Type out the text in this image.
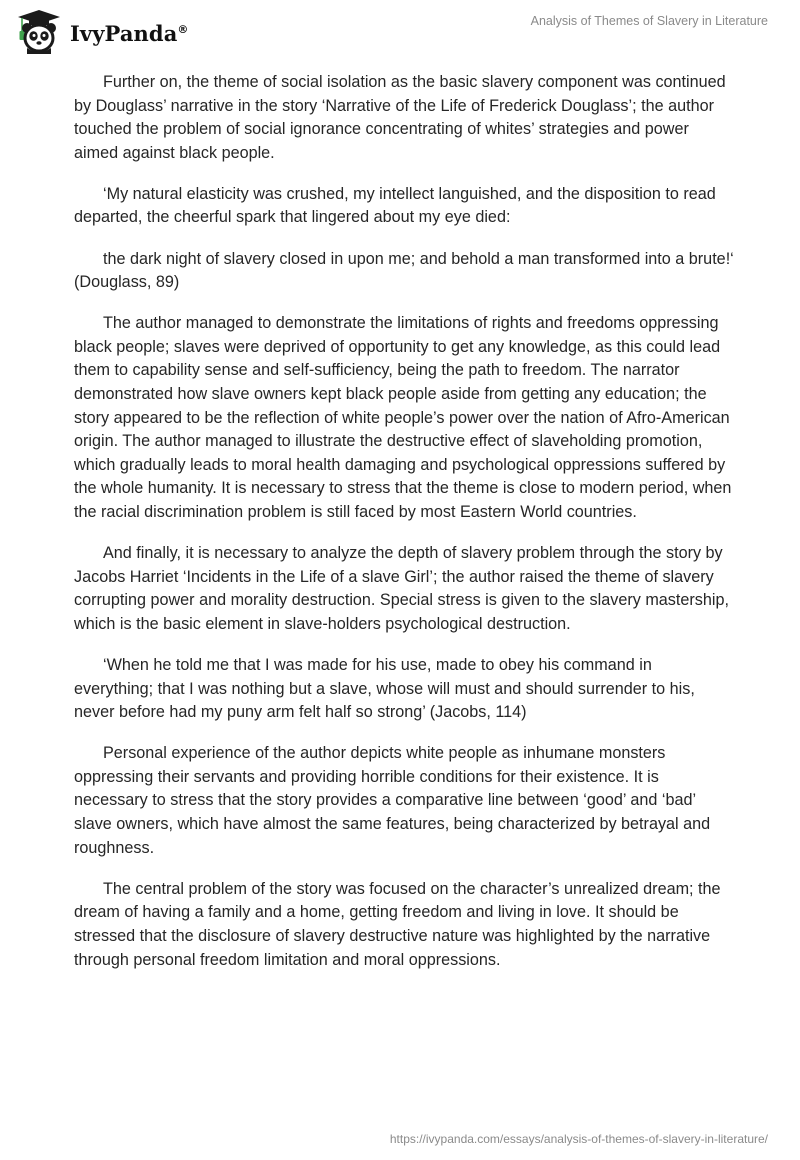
IvyPanda®
Analysis of Themes of Slavery in Literature

Further on, the theme of social isolation as the basic slavery component was continued by Douglass’ narrative in the story ‘Narrative of the Life of Frederick Douglass’; the author touched the problem of social ignorance concentrating of whites’ strategies and power aimed against black people.

‘My natural elasticity was crushed, my intellect languished, and the disposition to read departed, the cheerful spark that lingered about my eye died:

the dark night of slavery closed in upon me; and behold a man transformed into a brute!‘ (Douglass, 89)

The author managed to demonstrate the limitations of rights and freedoms oppressing black people; slaves were deprived of opportunity to get any knowledge, as this could lead them to capability sense and self-sufficiency, being the path to freedom. The narrator demonstrated how slave owners kept black people aside from getting any education; the story appeared to be the reflection of white people’s power over the nation of Afro-American origin. The author managed to illustrate the destructive effect of slaveholding promotion, which gradually leads to moral health damaging and psychological oppressions suffered by the whole humanity. It is necessary to stress that the theme is close to modern period, when the racial discrimination problem is still faced by most Eastern World countries.

And finally, it is necessary to analyze the depth of slavery problem through the story by Jacobs Harriet ‘Incidents in the Life of a slave Girl’; the author raised the theme of slavery corrupting power and morality destruction. Special stress is given to the slavery mastership, which is the basic element in slave-holders psychological destruction.

‘When he told me that I was made for his use, made to obey his command in everything; that I was nothing but a slave, whose will must and should surrender to his, never before had my puny arm felt half so strong’ (Jacobs, 114)

Personal experience of the author depicts white people as inhumane monsters oppressing their servants and providing horrible conditions for their existence. It is necessary to stress that the story provides a comparative line between ‘good’ and ‘bad’ slave owners, which have almost the same features, being characterized by betrayal and roughness.

The central problem of the story was focused on the character’s unrealized dream; the dream of having a family and a home, getting freedom and living in love. It should be stressed that the disclosure of slavery destructive nature was highlighted by the narrative through personal freedom limitation and moral oppressions.

https://ivypanda.com/essays/analysis-of-themes-of-slavery-in-literature/
